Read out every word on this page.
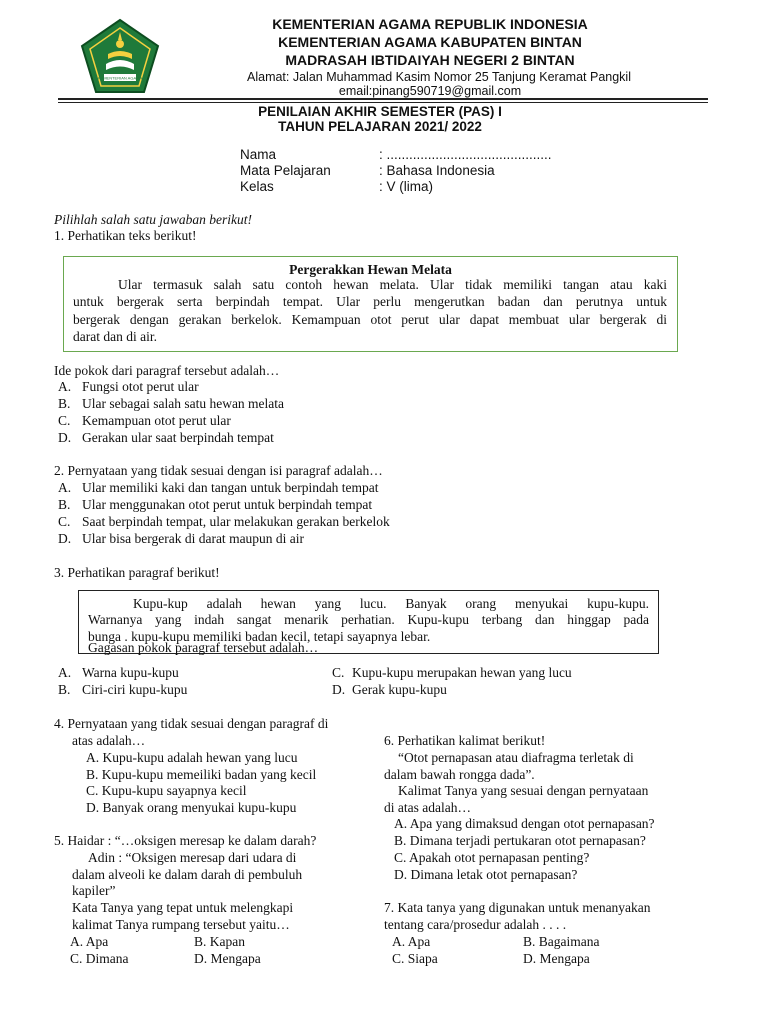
KEMENTERIAN AGAMA
KEMENTERIAN AGAMA REPUBLIK INDONESIA
KEMENTERIAN AGAMA KABUPATEN BINTAN
MADRASAH IBTIDAIYAH NEGERI 2 BINTAN
Alamat: Jalan Muhammad Kasim Nomor 25 Tanjung Keramat Pangkil
email:pinang590719@gmail.com
PENILAIAN AKHIR SEMESTER (PAS) I
TAHUN PELAJARAN 2021/ 2022
Nama	: ............................................
Mata Pelajaran	: Bahasa Indonesia
Kelas	: V (lima)
Pilihlah salah satu jawaban berikut!
1. Perhatikan teks berikut!
Pergerakkan Hewan Melata
Ular termasuk salah satu contoh hewan melata. Ular tidak memiliki tangan atau kaki
untuk bergerak serta berpindah tempat. Ular perlu mengerutkan badan dan perutnya untuk
bergerak dengan gerakan berkelok. Kemampuan otot perut ular dapat membuat ular bergerak di
darat dan di air.
Ide pokok dari paragraf tersebut adalah…
A. Fungsi otot perut ular
B. Ular sebagai salah satu hewan melata
C. Kemampuan otot perut ular
D. Gerakan ular saat berpindah tempat
2. Pernyataan yang tidak sesuai dengan isi paragraf adalah…
A. Ular memiliki kaki dan tangan untuk berpindah tempat
B. Ular menggunakan otot perut untuk berpindah tempat
C. Saat berpindah tempat, ular melakukan gerakan berkelok
D. Ular bisa bergerak di darat maupun di air
3. Perhatikan paragraf berikut!
Kupu-kup adalah hewan yang lucu. Banyak orang menyukai kupu-kupu.
Warnanya yang indah sangat menarik perhatian. Kupu-kupu terbang dan hinggap pada
bunga . kupu-kupu memiliki badan kecil, tetapi sayapnya lebar.
Gagasan pokok paragraf tersebut adalah…
A. Warna kupu-kupu
B. Ciri-ciri kupu-kupu
C. Kupu-kupu merupakan hewan yang lucu
D. Gerak kupu-kupu
4. Pernyataan yang tidak sesuai dengan paragraf di
atas adalah…
A. Kupu-kupu adalah hewan yang lucu
B. Kupu-kupu memeiliki badan yang kecil
C. Kupu-kupu sayapnya kecil
D. Banyak orang menyukai kupu-kupu
5. Haidar : “…oksigen meresap ke dalam darah?
Adin : “Oksigen meresap dari udara di
dalam alveoli ke dalam darah di pembuluh
kapiler”
Kata Tanya yang tepat untuk melengkapi
kalimat Tanya rumpang tersebut yaitu…
A. Apa	B. Kapan
C. Dimana	D. Mengapa
6. Perhatikan kalimat berikut!
“Otot pernapasan atau diafragma terletak di
dalam bawah rongga dada”.
Kalimat Tanya yang sesuai dengan pernyataan
di atas adalah…
A. Apa yang dimaksud dengan otot pernapasan?
B. Dimana terjadi pertukaran otot pernapasan?
C. Apakah otot pernapasan penting?
D. Dimana letak otot pernapasan?
7. Kata tanya yang digunakan untuk menanyakan
tentang cara/prosedur adalah . . . .
A. Apa	B. Bagaimana
C. Siapa	D. Mengapa
